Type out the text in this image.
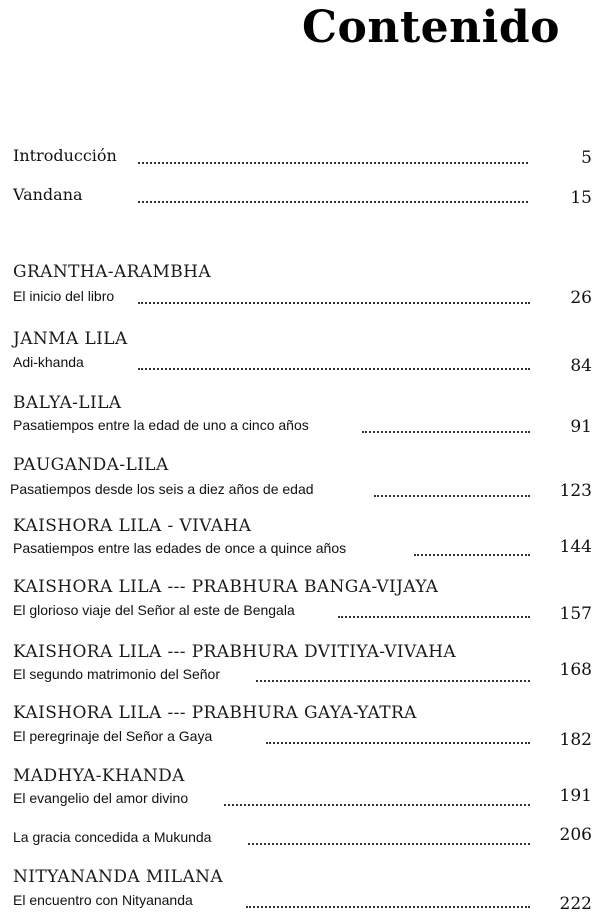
Contenido
Introducción	5
Vandana	15
GRANTHA-ARAMBHA
El inicio del libro	26
JANMA LILA
Adi-khanda	84
BALYA-LILA
Pasatiempos entre la edad de uno a cinco años	91
PAUGANDA-LILA
Pasatiempos desde los seis a diez años de edad	123
KAISHORA LILA - VIVAHA
Pasatiempos entre las edades de once a quince años	144
KAISHORA LILA --- PRABHURA BANGA-VIJAYA
El glorioso viaje del Señor al este de Bengala	157
KAISHORA LILA --- PRABHURA DVITIYA-VIVAHA
El segundo matrimonio del Señor	168
KAISHORA LILA --- PRABHURA GAYA-YATRA
El peregrinaje del Señor a Gaya	182
MADHYA-KHANDA
El evangelio del amor divino	191
La gracia concedida a Mukunda	206
NITYANANDA MILANA
El encuentro con Nityananda	222
